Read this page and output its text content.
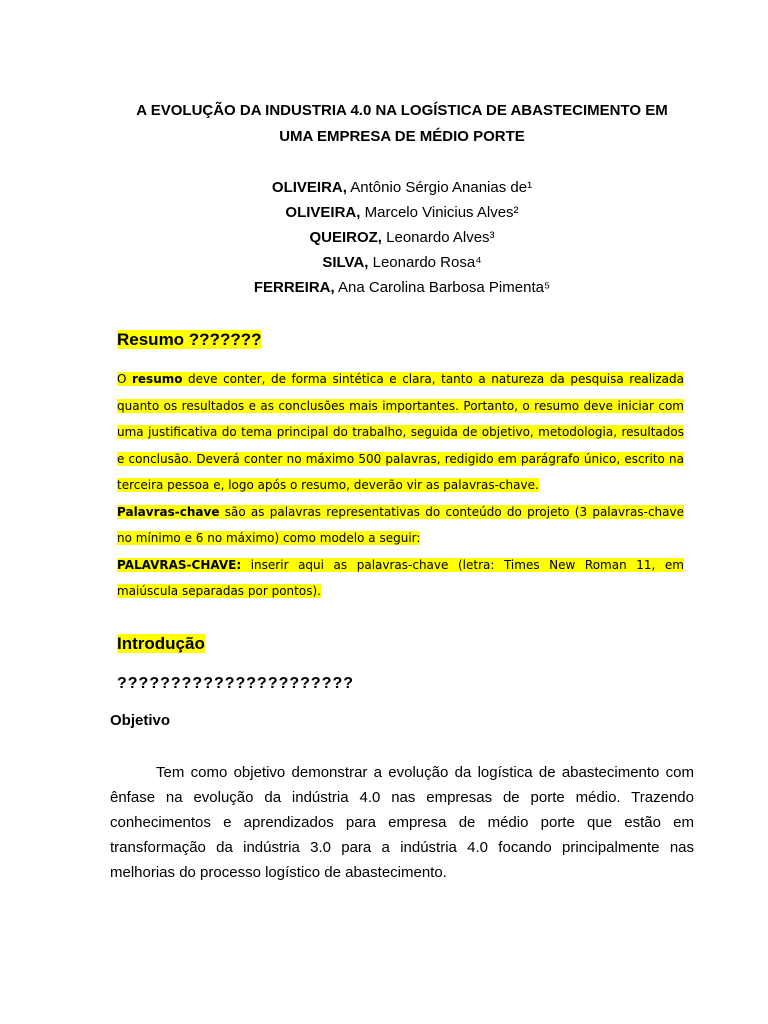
A EVOLUÇÃO DA INDUSTRIA 4.0 NA LOGÍSTICA DE ABASTECIMENTO EM
UMA EMPRESA DE MÉDIO PORTE
OLIVEIRA, Antônio Sérgio Ananias de¹
OLIVEIRA, Marcelo Vinicius Alves²
QUEIROZ, Leonardo Alves³
SILVA, Leonardo Rosa⁴
FERREIRA, Ana Carolina Barbosa Pimenta⁵
Resumo ???????

O resumo deve conter, de forma sintética e clara, tanto a natureza da pesquisa realizada quanto os resultados e as conclusões mais importantes. Portanto, o resumo deve iniciar com uma justificativa do tema principal do trabalho, seguida de objetivo, metodologia, resultados e conclusão. Deverá conter no máximo 500 palavras, redigido em parágrafo único, escrito na terceira pessoa e, logo após o resumo, deverão vir as palavras-chave.

Palavras-chave são as palavras representativas do conteúdo do projeto (3 palavras-chave no mínimo e 6 no máximo) como modelo a seguir:

PALAVRAS-CHAVE: inserir aqui as palavras-chave (letra: Times New Roman 11, em maiúscula separadas por pontos).

Introdução
??????????????????????
Objetivo

Tem como objetivo demonstrar a evolução da logística de abastecimento com ênfase na evolução da indústria 4.0 nas empresas de porte médio. Trazendo conhecimentos e aprendizados para empresa de médio porte que estão em transformação da indústria 3.0 para a indústria 4.0 focando principalmente nas melhorias do processo logístico de abastecimento.
